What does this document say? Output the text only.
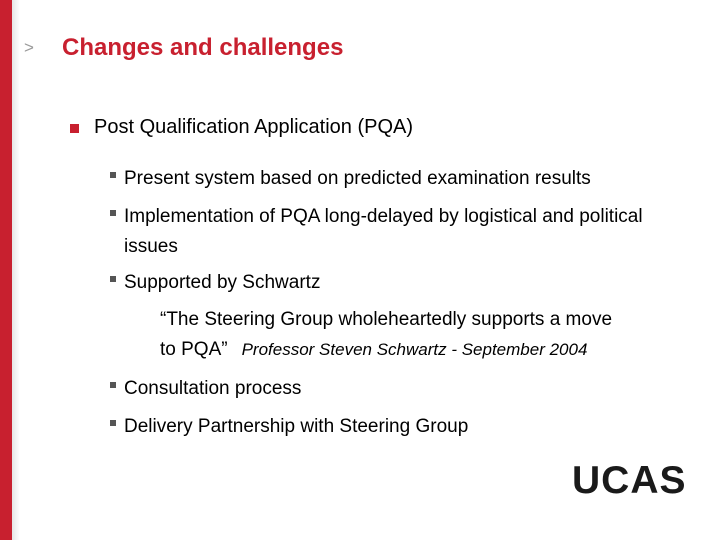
> Changes and challenges
Post Qualification Application (PQA)
Present system based on predicted examination results
Implementation of PQA long-delayed by logistical and political issues
Supported by Schwartz
“The Steering Group wholeheartedly supports a move
to PQA” Professor Steven Schwartz - September 2004
Consultation process
Delivery Partnership with Steering Group
UCAS
